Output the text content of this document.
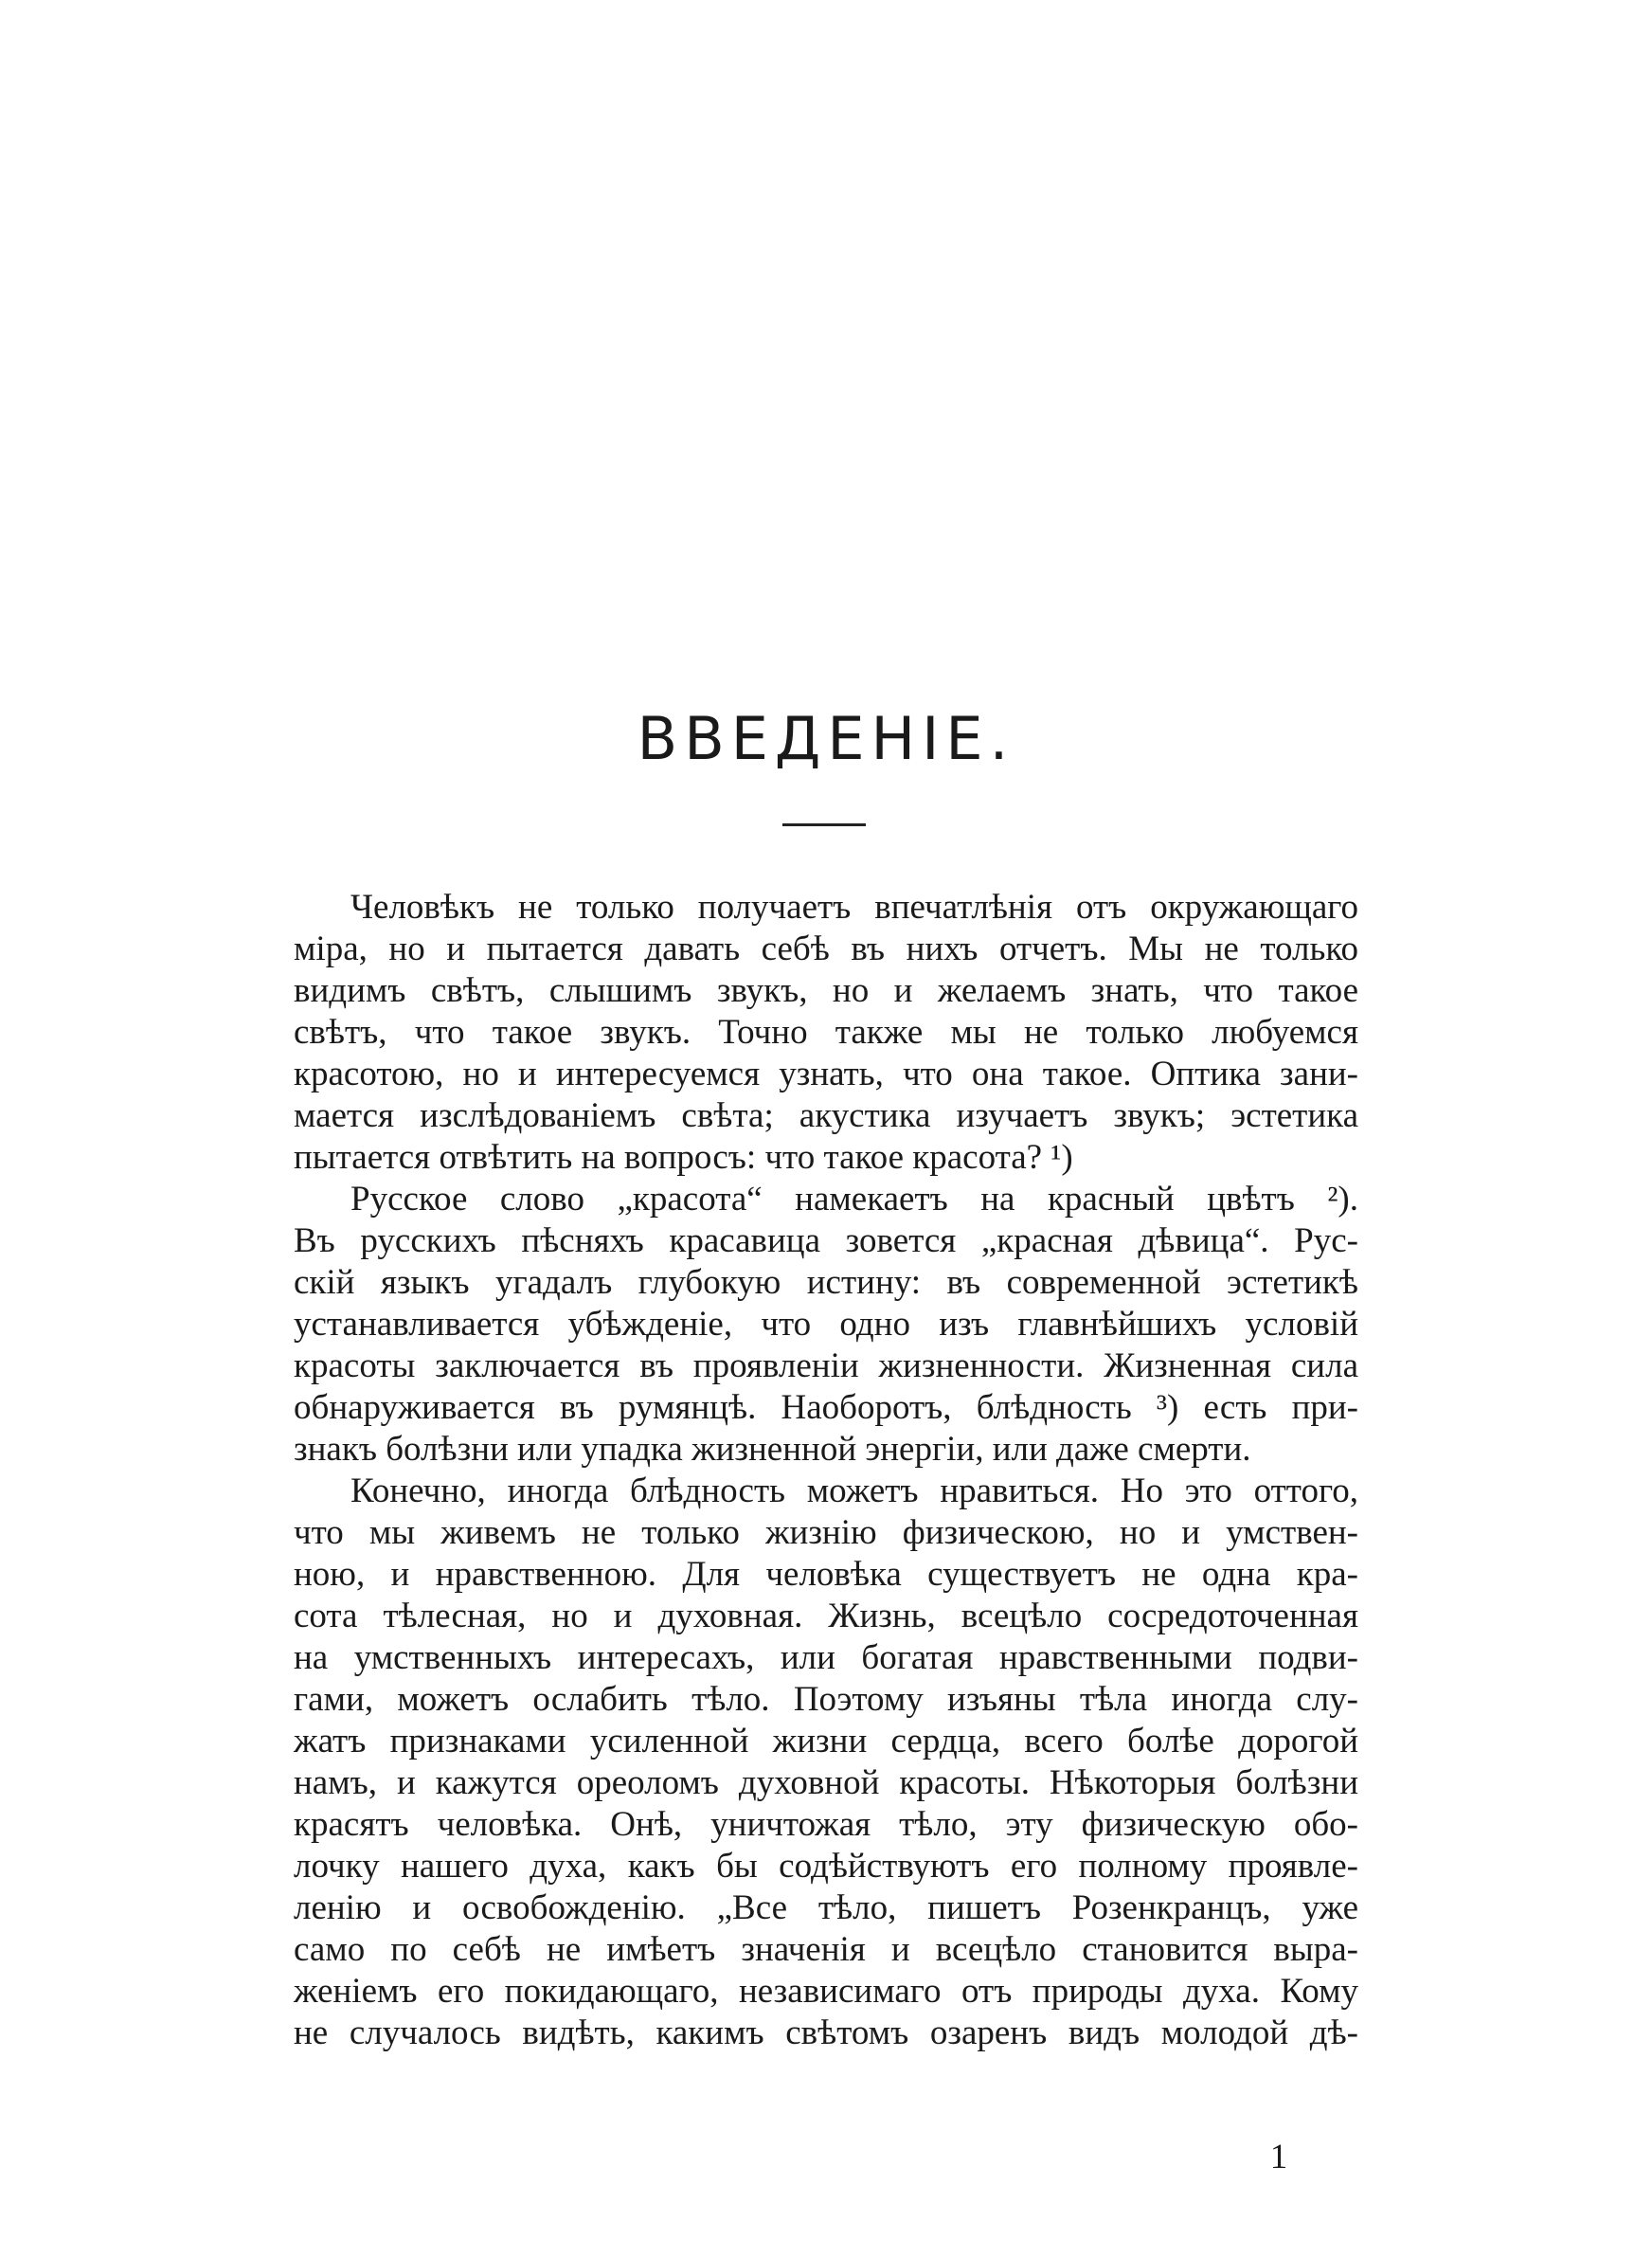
ВВЕДЕНІЕ.
Человѣкъ не только получаетъ впечатлѣнія отъ окружающаго
міра, но и пытается давать себѣ въ нихъ отчетъ. Мы не только
видимъ свѣтъ, слышимъ звукъ, но и желаемъ знать, что такое
свѣтъ, что такое звукъ. Точно также мы не только любуемся
красотою, но и интересуемся узнать, что она такое. Оптика зани-
мается изслѣдованіемъ свѣта; акустика изучаетъ звукъ; эстетика
пытается отвѣтить на вопросъ: что такое красота? ¹)
Русское слово „красота“ намекаетъ на красный цвѣтъ ²).
Въ русскихъ пѣсняхъ красавица зовется „красная дѣвица“. Рус-
скій языкъ угадалъ глубокую истину: въ современной эстетикѣ
устанавливается убѣжденіе, что одно изъ главнѣйшихъ условій
красоты заключается въ проявленіи жизненности. Жизненная сила
обнаруживается въ румянцѣ. Наоборотъ, блѣдность ³) есть при-
знакъ болѣзни или упадка жизненной энергіи, или даже смерти.
Конечно, иногда блѣдность можетъ нравиться. Но это оттого,
что мы живемъ не только жизнію физическою, но и умствен-
ною, и нравственною. Для человѣка существуетъ не одна кра-
сота тѣлесная, но и духовная. Жизнь, всецѣло сосредоточенная
на умственныхъ интересахъ, или богатая нравственными подви-
гами, можетъ ослабить тѣло. Поэтому изъяны тѣла иногда слу-
жатъ признаками усиленной жизни сердца, всего болѣе дорогой
намъ, и кажутся ореоломъ духовной красоты. Нѣкоторыя болѣзни
красятъ человѣка. Онѣ, уничтожая тѣло, эту физическую обо-
лочку нашего духа, какъ бы содѣйствуютъ его полному проявле-
ленію и освобожденію. „Все тѣло, пишетъ Розенкранцъ, уже
само по себѣ не имѣетъ значенія и всецѣло становится выра-
женіемъ его покидающаго, независимаго отъ природы духа. Кому
не случалось видѣть, какимъ свѣтомъ озаренъ видъ молодой дѣ-
1
